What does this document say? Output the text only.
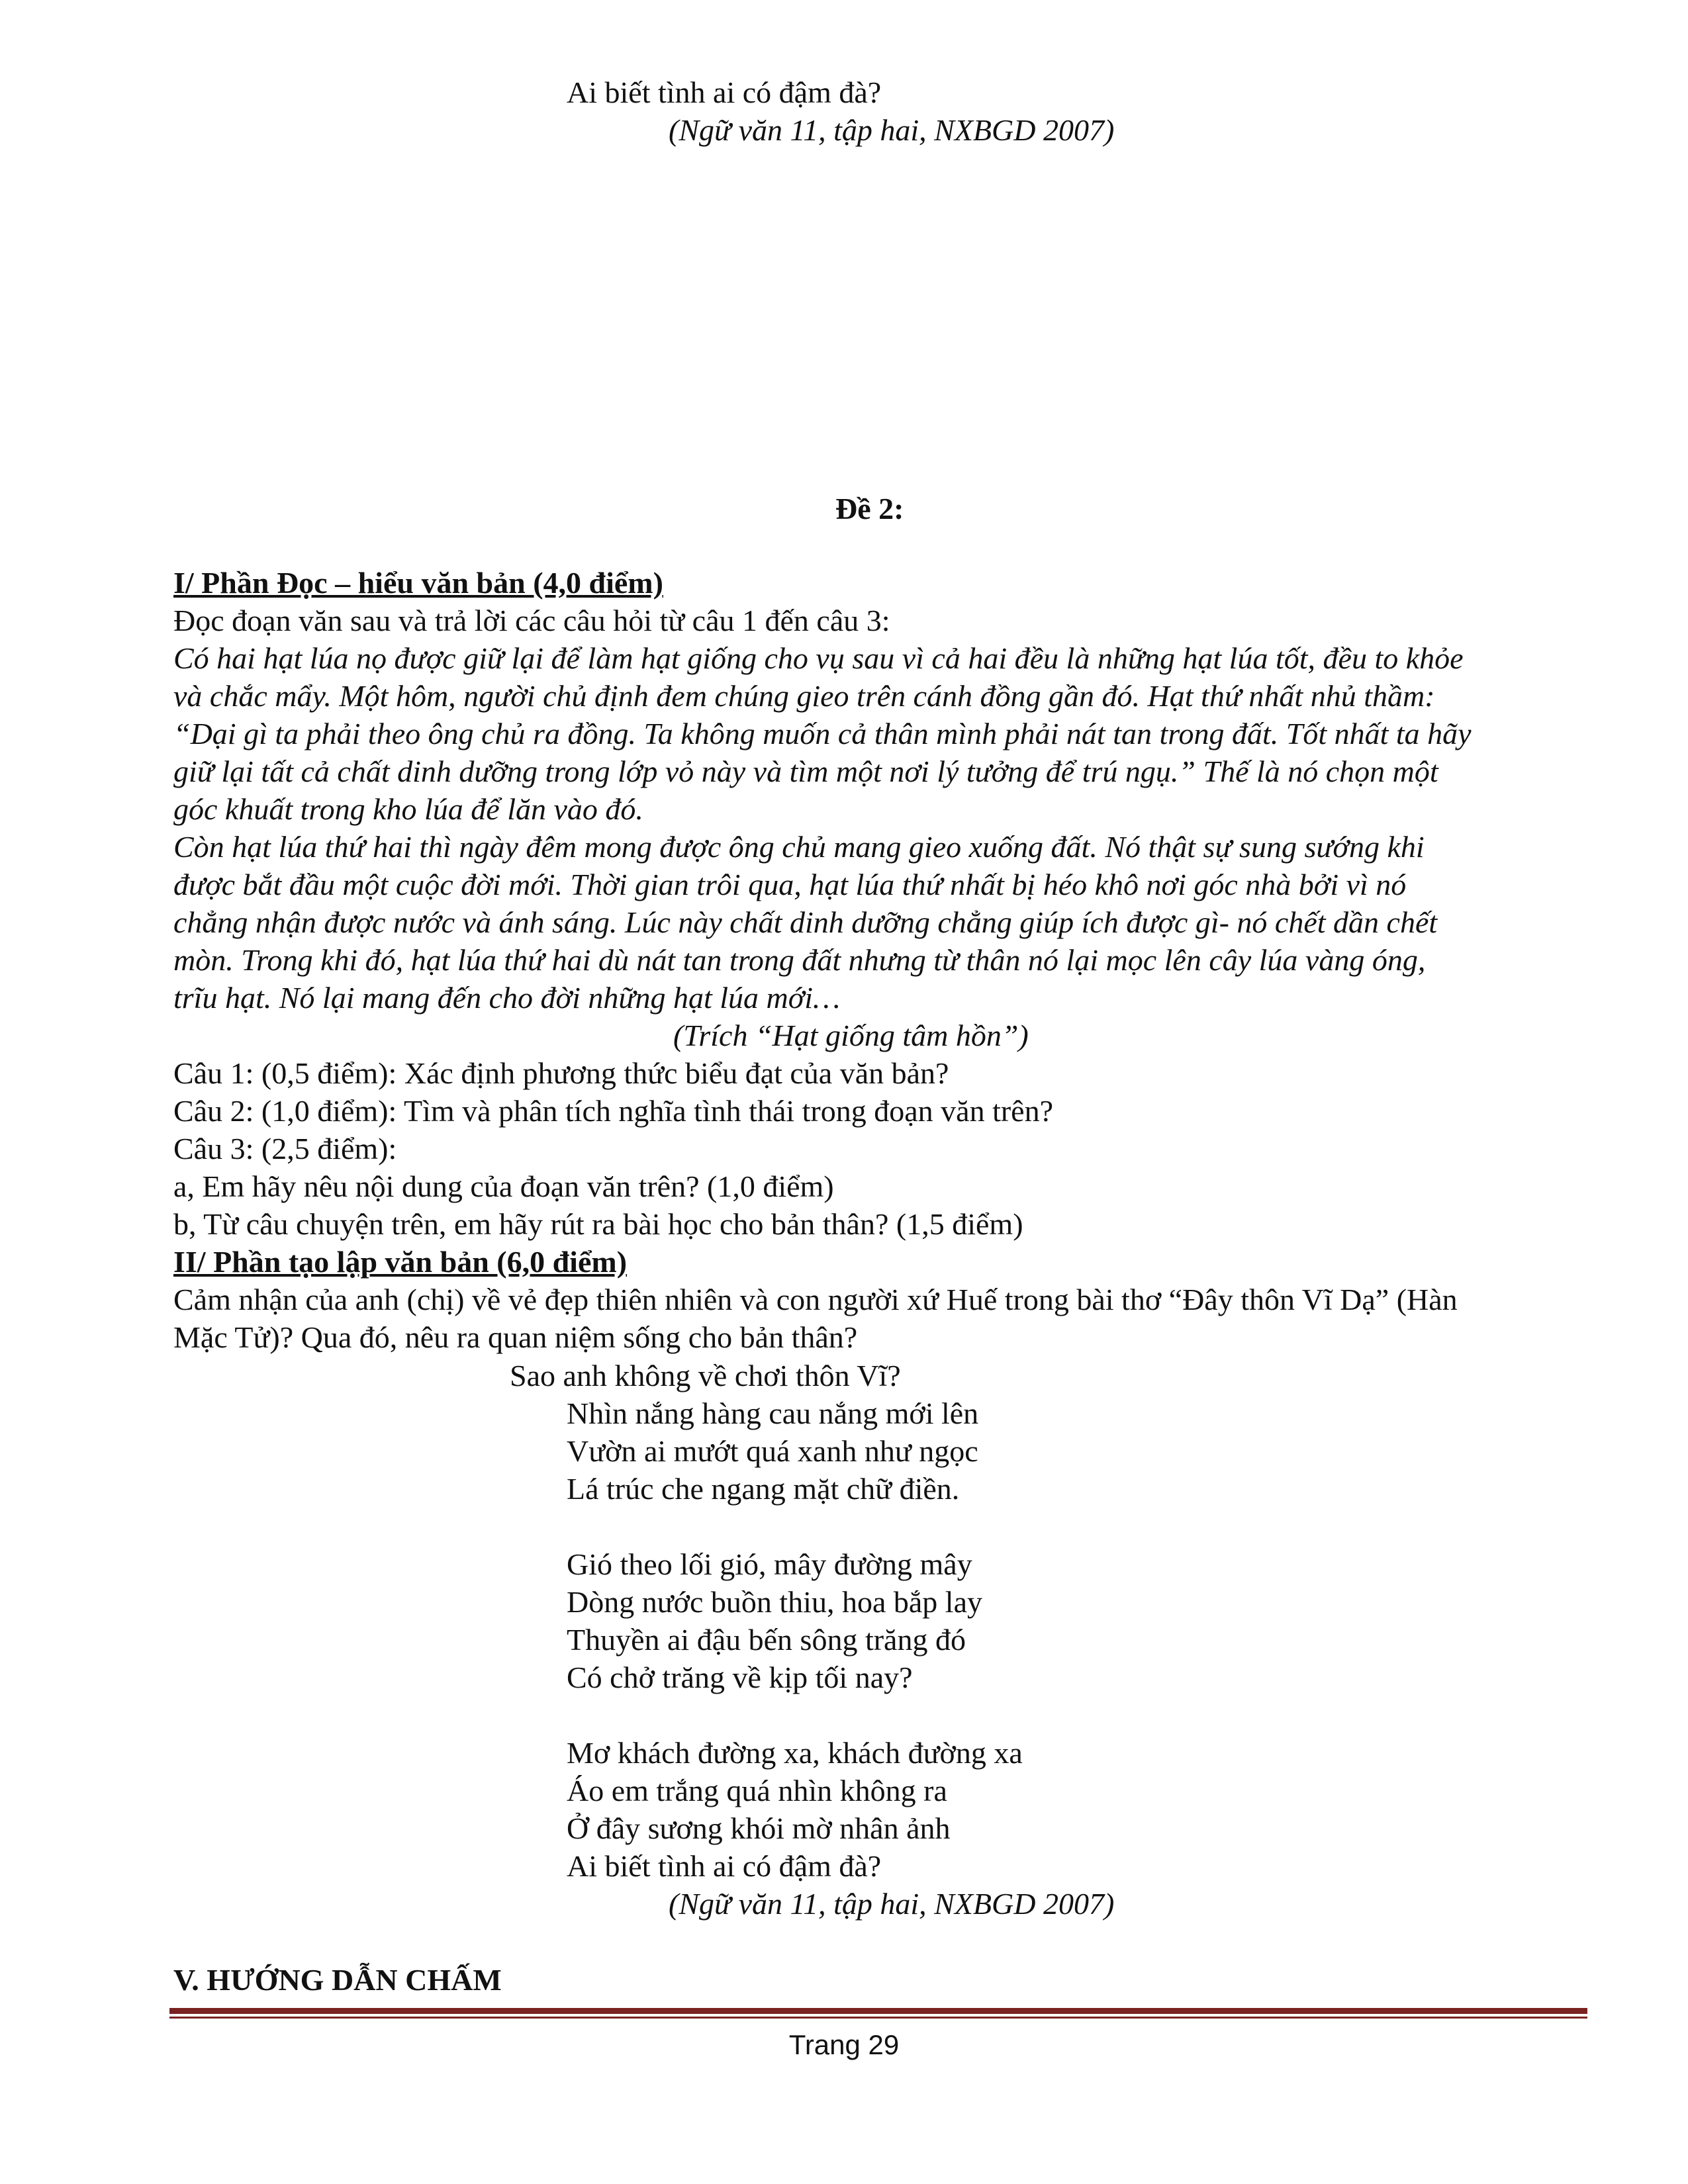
Ai biết tình ai có đậm đà?
(Ngữ văn 11, tập hai, NXBGD 2007)
Đề 2:
I/ Phần Đọc – hiểu văn bản (4,0 điểm)
Đọc đoạn văn sau và trả lời các câu hỏi từ câu 1 đến câu 3:
Có hai hạt lúa nọ được giữ lại để làm hạt giống cho vụ sau vì cả hai đều là những hạt lúa tốt, đều to khỏe
và chắc mẩy. Một hôm, người chủ định đem chúng gieo trên cánh đồng gần đó. Hạt thứ nhất nhủ thầm:
“Dại gì ta phải theo ông chủ ra đồng. Ta không muốn cả thân mình phải nát tan trong đất. Tốt nhất ta hãy
giữ lại tất cả chất dinh dưỡng trong lớp vỏ này và tìm một nơi lý tưởng để trú ngụ.” Thế là nó chọn một
góc khuất trong kho lúa để lăn vào đó.
Còn hạt lúa thứ hai thì ngày đêm mong được ông chủ mang gieo xuống đất. Nó thật sự sung sướng khi
được bắt đầu một cuộc đời mới. Thời gian trôi qua, hạt lúa thứ nhất bị héo khô nơi góc nhà bởi vì nó
chẳng nhận được nước và ánh sáng. Lúc này chất dinh dưỡng chẳng giúp ích được gì- nó chết dần chết
mòn. Trong khi đó, hạt lúa thứ hai dù nát tan trong đất nhưng từ thân nó lại mọc lên cây lúa vàng óng,
trĩu hạt. Nó lại mang đến cho đời những hạt lúa mới…
(Trích “Hạt giống tâm hồn”)
Câu 1: (0,5 điểm): Xác định phương thức biểu đạt của văn bản?
Câu 2: (1,0 điểm): Tìm và phân tích nghĩa tình thái trong đoạn văn trên?
Câu 3: (2,5 điểm):
a, Em hãy nêu nội dung của đoạn văn trên? (1,0 điểm)
b, Từ câu chuyện trên, em hãy rút ra bài học cho bản thân? (1,5 điểm)
II/ Phần tạo lập văn bản (6,0 điểm)
Cảm nhận của anh (chị) về vẻ đẹp thiên nhiên và con người xứ Huế trong bài thơ “Đây thôn Vĩ Dạ” (Hàn
Mặc Tử)? Qua đó, nêu ra quan niệm sống cho bản thân?
Sao anh không về chơi thôn Vĩ?
Nhìn nắng hàng cau nắng mới lên
Vườn ai mướt quá xanh như ngọc
Lá trúc che ngang mặt chữ điền.
Gió theo lối gió, mây đường mây
Dòng nước buồn thiu, hoa bắp lay
Thuyền ai đậu bến sông trăng đó
Có chở trăng về kịp tối nay?
Mơ khách đường xa, khách đường xa
Áo em trắng quá nhìn không ra
Ở đây sương khói mờ nhân ảnh
Ai biết tình ai có đậm đà?
(Ngữ văn 11, tập hai, NXBGD 2007)
V. HƯỚNG DẪN CHẤM
Trang 29
